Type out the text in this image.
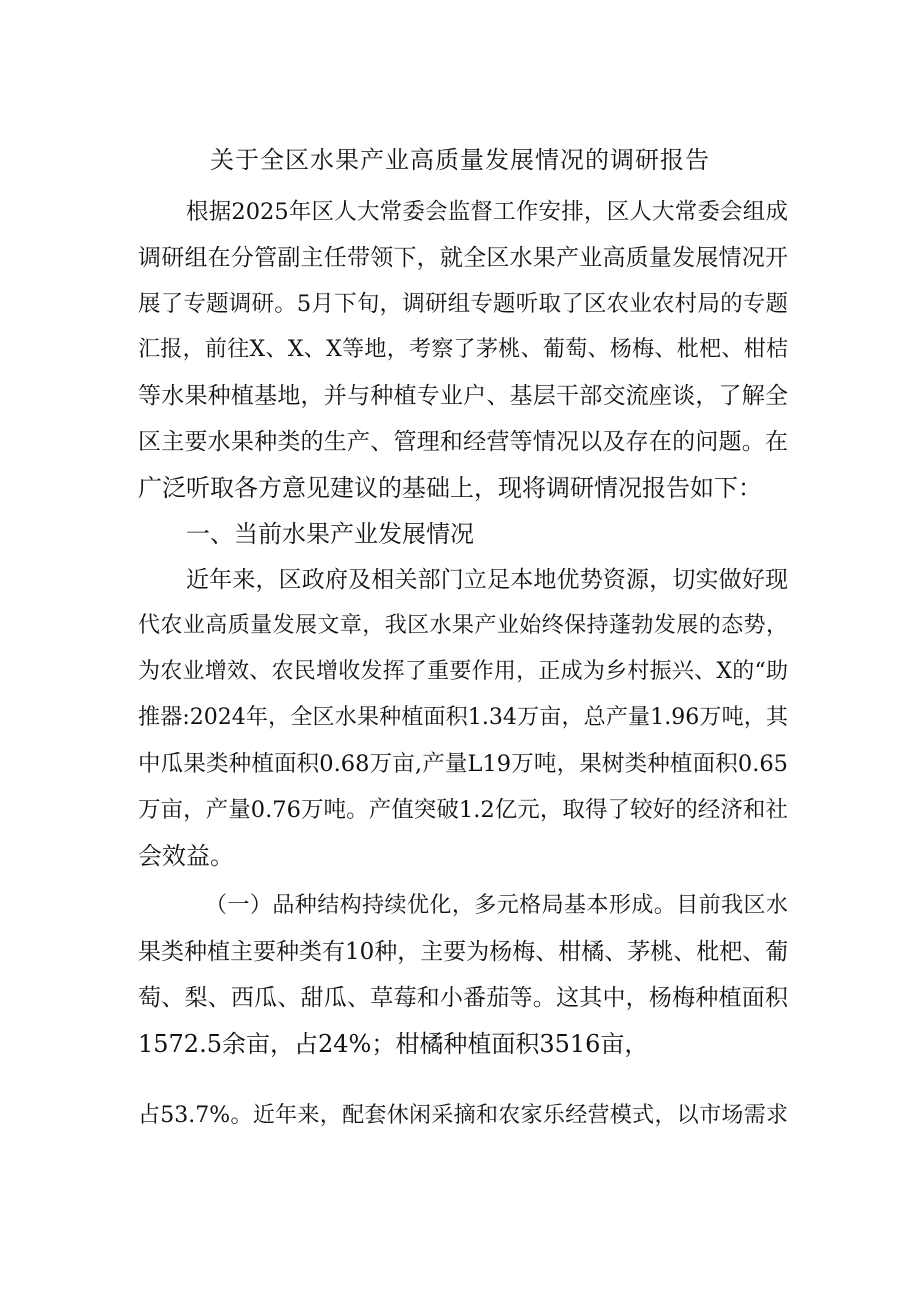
关于全区水果产业高质量发展情况的调研报告
根据2025年区人大常委会监督工作安排，区人大常委会组成
调研组在分管副主任带领下，就全区水果产业高质量发展情况开
展了专题调研。5月下旬，调研组专题听取了区农业农村局的专题
汇报，前往X、X、X等地，考察了茅桃、葡萄、杨梅、枇杷、柑桔
等水果种植基地，并与种植专业户、基层干部交流座谈，了解全
区主要水果种类的生产、管理和经营等情况以及存在的问题。在
广泛听取各方意见建议的基础上，现将调研情况报告如下：
一、当前水果产业发展情况
近年来，区政府及相关部门立足本地优势资源，切实做好现
代农业高质量发展文章，我区水果产业始终保持蓬勃发展的态势，
为农业增效、农民增收发挥了重要作用，正成为乡村振兴、X的“助
推器:2024年，全区水果种植面积1.34万亩，总产量1.96万吨，其
中瓜果类种植面积0.68万亩,产量L19万吨，果树类种植面积0.65
万亩，产量0.76万吨。产值突破1.2亿元，取得了较好的经济和社
会效益。
（一）品种结构持续优化，多元格局基本形成。目前我区水
果类种植主要种类有10种，主要为杨梅、柑橘、茅桃、枇杷、葡
萄、梨、西瓜、甜瓜、草莓和小番茄等。这其中，杨梅种植面积
1572.5余亩，占24%；柑橘种植面积3516亩，
占53.7%。近年来，配套休闲采摘和农家乐经营模式，以市场需求
